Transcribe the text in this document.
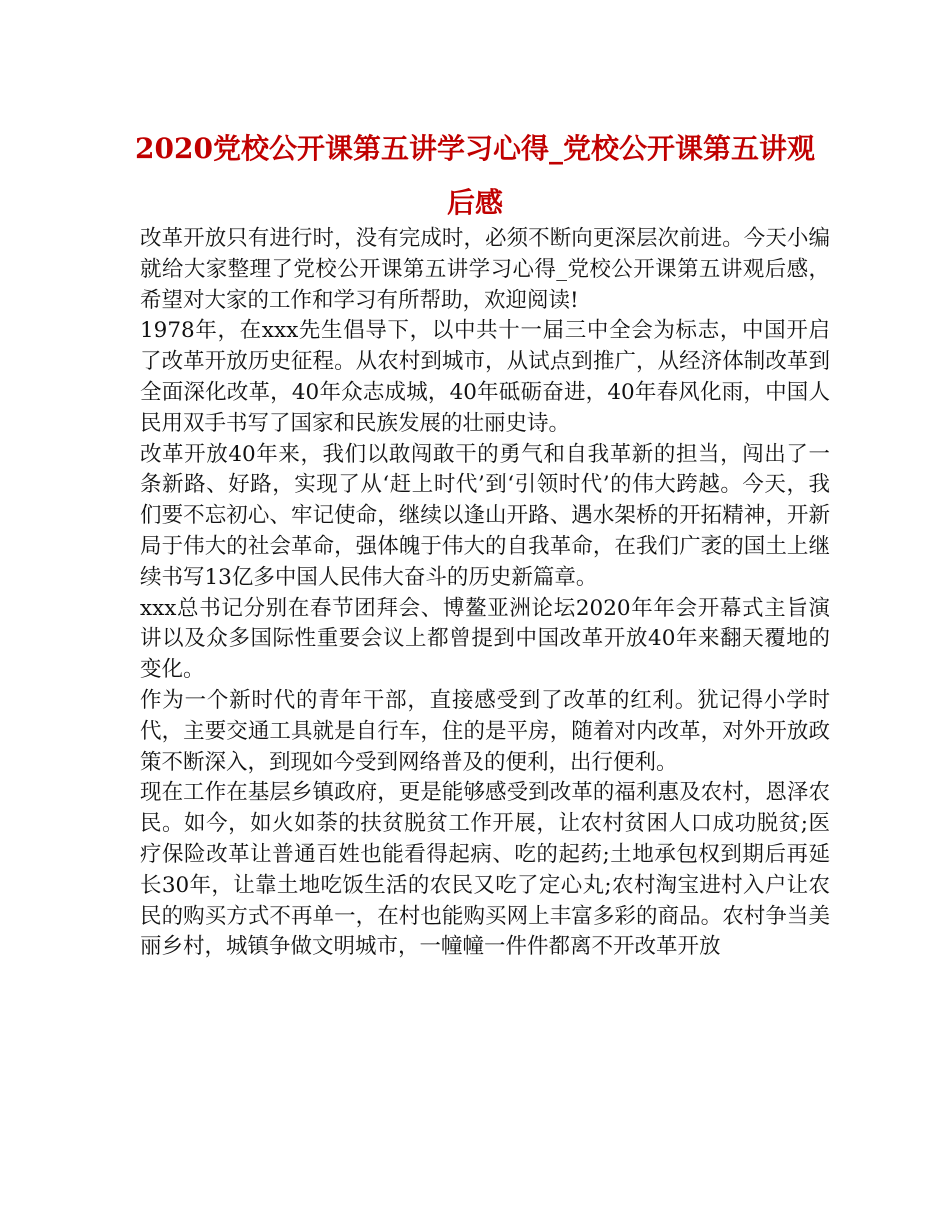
2020党校公开课第五讲学习心得_党校公开课第五讲观后感

改革开放只有进行时，没有完成时，必须不断向更深层次前进。今天小编就给大家整理了党校公开课第五讲学习心得_党校公开课第五讲观后感，希望对大家的工作和学习有所帮助，欢迎阅读!

1978年，在xxx先生倡导下，以中共十一届三中全会为标志，中国开启了改革开放历史征程。从农村到城市，从试点到推广，从经济体制改革到全面深化改革，40年众志成城，40年砥砺奋进，40年春风化雨，中国人民用双手书写了国家和民族发展的壮丽史诗。

改革开放40年来，我们以敢闯敢干的勇气和自我革新的担当，闯出了一条新路、好路，实现了从‘赶上时代’到‘引领时代’的伟大跨越。今天，我们要不忘初心、牢记使命，继续以逢山开路、遇水架桥的开拓精神，开新局于伟大的社会革命，强体魄于伟大的自我革命，在我们广袤的国土上继续书写13亿多中国人民伟大奋斗的历史新篇章。

xxx总书记分别在春节团拜会、博鳌亚洲论坛2020年年会开幕式主旨演讲以及众多国际性重要会议上都曾提到中国改革开放40年来翻天覆地的变化。

作为一个新时代的青年干部，直接感受到了改革的红利。犹记得小学时代，主要交通工具就是自行车，住的是平房，随着对内改革，对外开放政策不断深入，到现如今受到网络普及的便利，出行便利。

现在工作在基层乡镇政府，更是能够感受到改革的福利惠及农村，恩泽农民。如今，如火如荼的扶贫脱贫工作开展，让农村贫困人口成功脱贫;医疗保险改革让普通百姓也能看得起病、吃的起药;土地承包权到期后再延长30年，让靠土地吃饭生活的农民又吃了定心丸;农村淘宝进村入户让农民的购买方式不再单一，在村也能购买网上丰富多彩的商品。农村争当美丽乡村，城镇争做文明城市，一幢幢一件件都离不开改革开放
